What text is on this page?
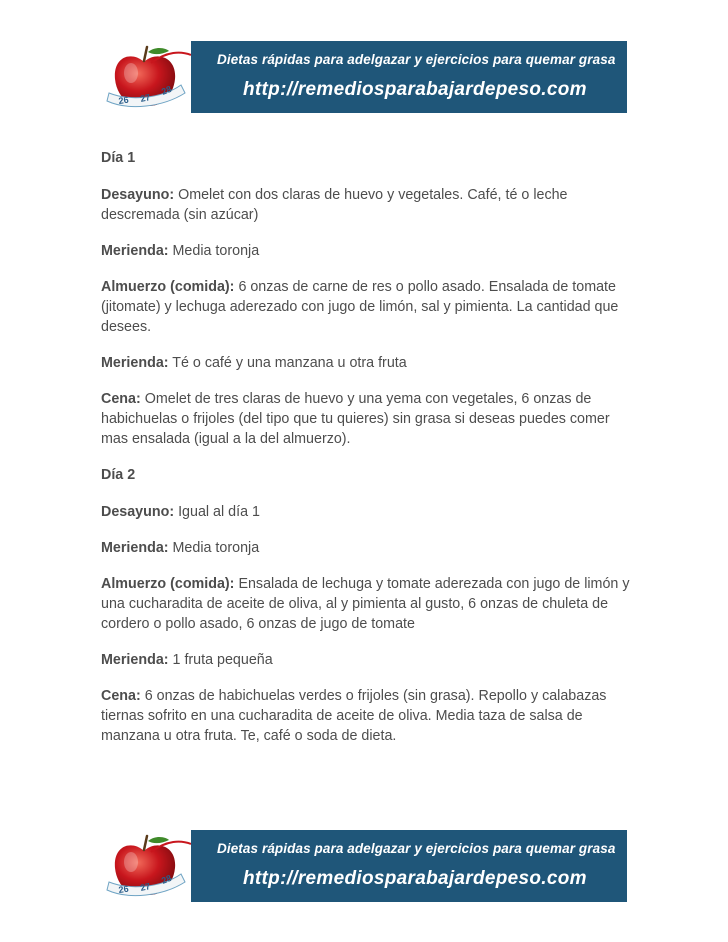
26 27
28
Dietas rápidas para adelgazar y ejercicios para quemar grasa
http://remediosparabajardepeso.com

Día 1

Desayuno: Omelet con dos claras de huevo y vegetales. Café, té o leche descremada (sin azúcar)

Merienda: Media toronja

Almuerzo (comida): 6 onzas de carne de res o pollo asado. Ensalada de tomate (jitomate) y lechuga aderezado con jugo de limón, sal y pimienta. La cantidad que desees.

Merienda: Té o café y una manzana u otra fruta

Cena: Omelet de tres claras de huevo y una yema con vegetales, 6 onzas de habichuelas o frijoles (del tipo que tu quieres) sin grasa si deseas puedes comer mas ensalada (igual a la del almuerzo).

Día 2

Desayuno: Igual al día 1

Merienda: Media toronja

Almuerzo (comida): Ensalada de lechuga y tomate aderezada con jugo de limón y una cucharadita de aceite de oliva, al y pimienta al gusto, 6 onzas de chuleta de cordero o pollo asado, 6 onzas de jugo de tomate

Merienda: 1 fruta pequeña

Cena: 6 onzas de habichuelas verdes o frijoles (sin grasa). Repollo y calabazas tiernas sofrito en una cucharadita de aceite de oliva. Media taza de salsa de manzana u otra fruta. Te, café o soda de dieta.

26 27
28
Dietas rápidas para adelgazar y ejercicios para quemar grasa
http://remediosparabajardepeso.com
